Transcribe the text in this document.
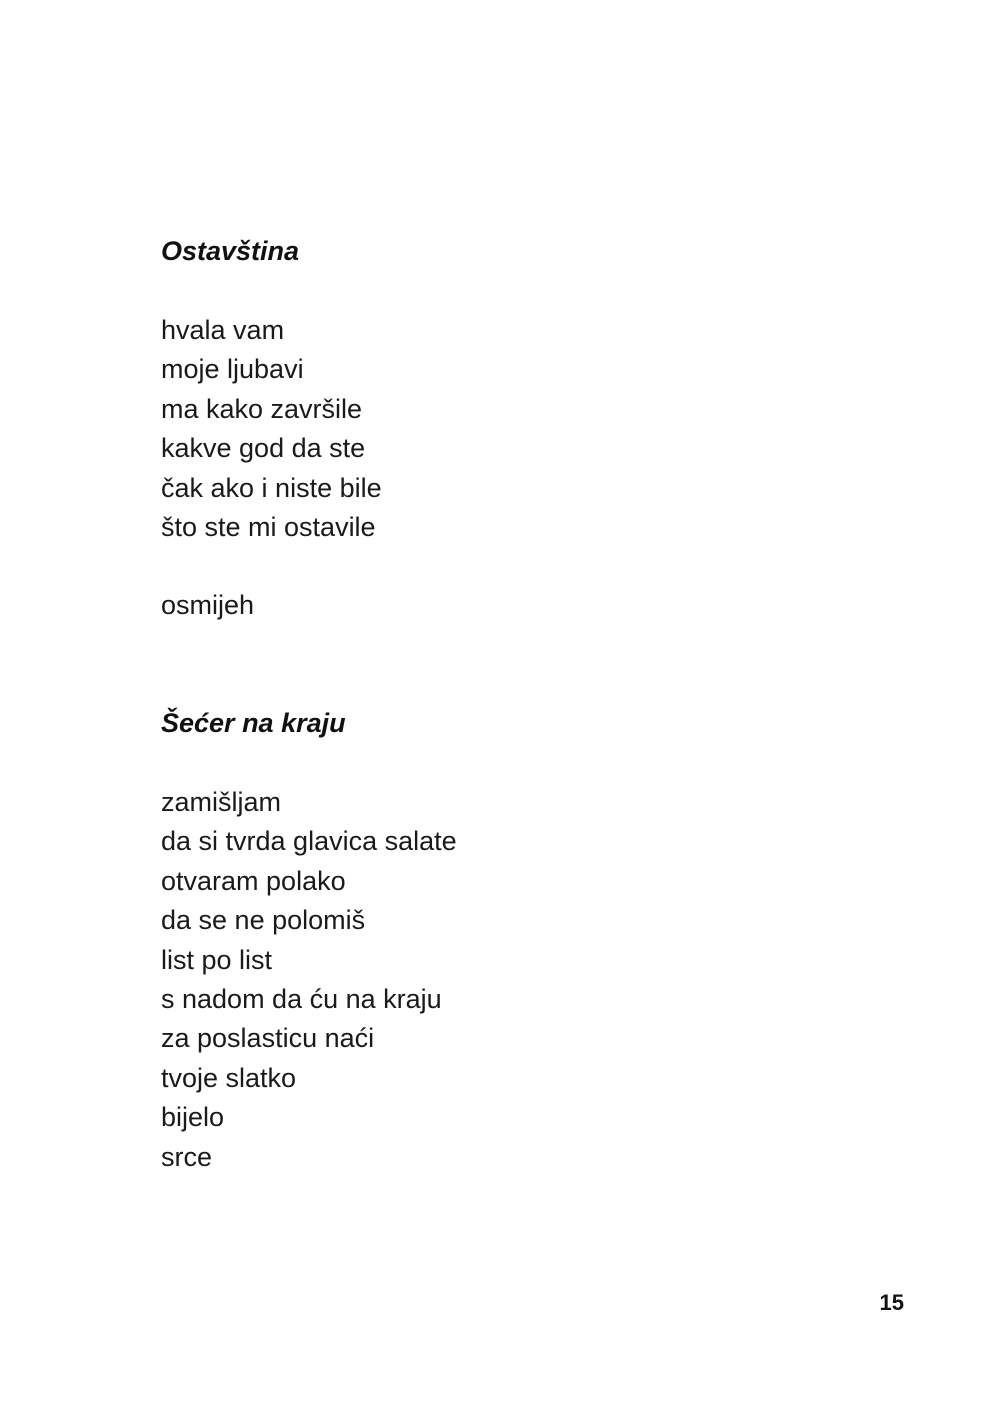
Ostavština
hvala vam
moje ljubavi
ma kako završile
kakve god da ste
čak ako i niste bile
što ste mi ostavile
osmijeh
Šećer na kraju
zamišljam
da si tvrda glavica salate
otvaram polako
da se ne polomiš
list po list
s nadom da ću na kraju
za poslasticu naći
tvoje slatko
bijelo
srce
15
